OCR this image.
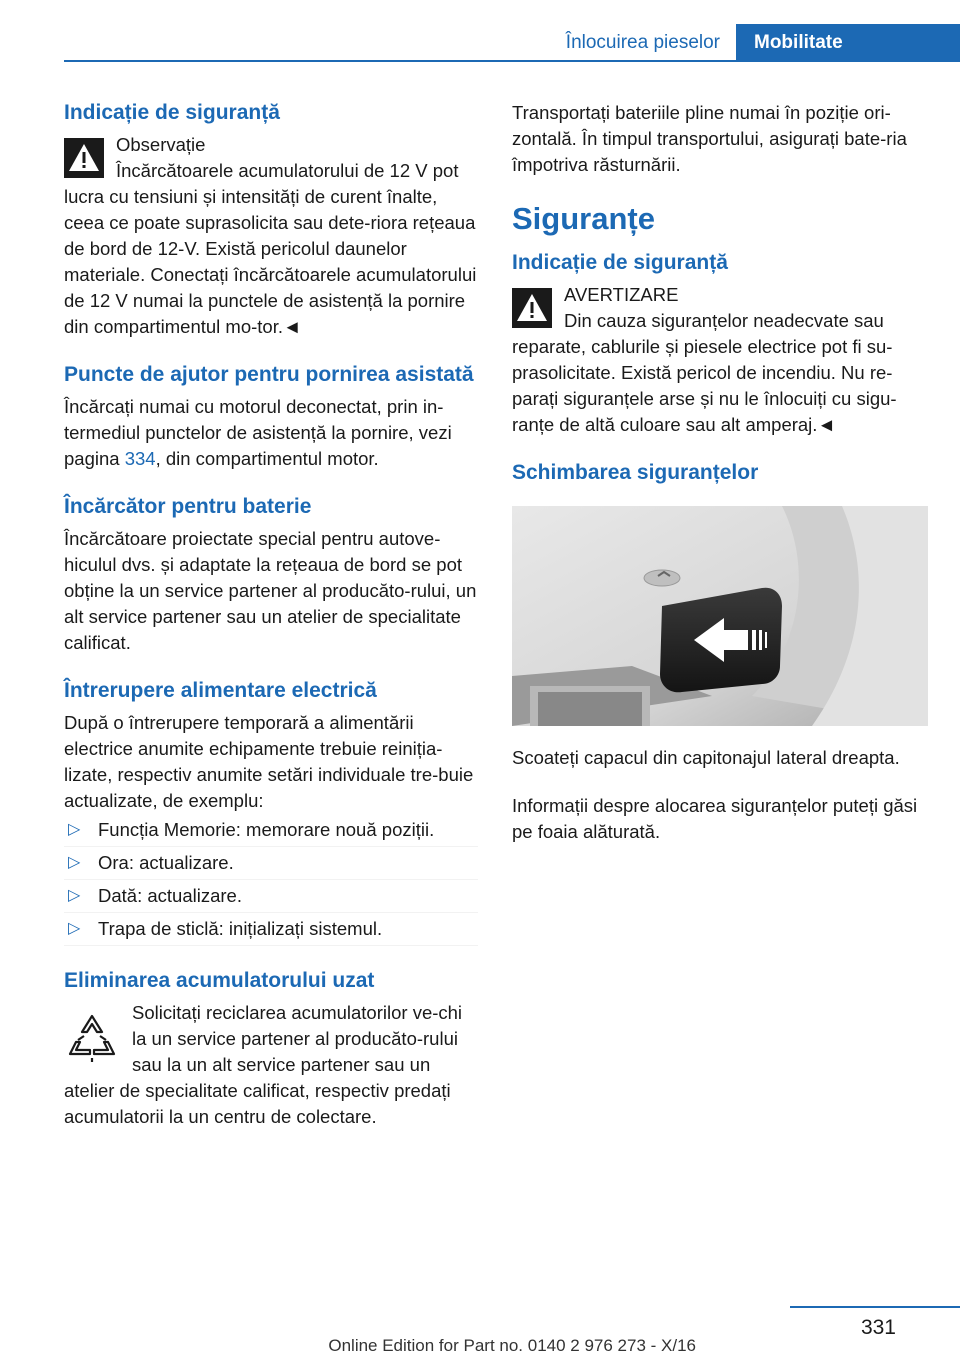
Înlocuirea pieselor	Mobilitate
Indicație de siguranță

Observație

Încărcătoarele acumulatorului de 12 V pot lucra cu tensiuni și intensități de curent înalte, ceea ce poate suprasolicita sau dete-riora rețeaua de bord de 12-V. Există pericolul daunelor materiale. Conectați încărcătoarele acumulatorului de 12 V numai la punctele de asistență la pornire din compartimentul mo-tor.◄

Puncte de ajutor pentru pornirea asistată

Încărcați numai cu motorul deconectat, prin in-termediul punctelor de asistență la pornire, vezi pagina 334, din compartimentul motor.

Încărcător pentru baterie

Încărcătoare proiectate special pentru autove-hiculul dvs. și adaptate la rețeaua de bord se pot obține la un service partener al producăto-rului, un alt service partener sau un atelier de specialitate calificat.

Întrerupere alimentare electrică

După o întrerupere temporară a alimentării electrice anumite echipamente trebuie reiniția-lizate, respectiv anumite setări individuale tre-buie actualizate, de exemplu:

▷ Funcția Memorie: memorare nouă poziții.
▷ Ora: actualizare.
▷ Dată: actualizare.
▷ Trapa de sticlă: inițializați sistemul.
Eliminarea acumulatorului uzat

Solicitați reciclarea acumulatorilor ve-chi la un service partener al producăto-rului sau la un alt service partener sau un atelier de specialitate calificat, respectiv predați acumulatorii la un centru de colectare.

Transportați bateriile pline numai în poziție ori-zontală. În timpul transportului, asigurați bate-ria împotriva răsturnării.

Siguranțe
Indicație de siguranță

AVERTIZARE

Din cauza siguranțelor neadecvate sau reparate, cablurile și piesele electrice pot fi su-prasolicitate. Există pericol de incendiu. Nu re-parați siguranțele arse și nu le înlocuiți cu sigu-ranțe de altă culoare sau alt amperaj.◄

Schimbarea siguranțelor

Scoateți capacul din capitonajul lateral dreapta.

Informații despre alocarea siguranțelor puteți găsi pe foaia alăturată.

331
Online Edition for Part no. 0140 2 976 273 - X/16
